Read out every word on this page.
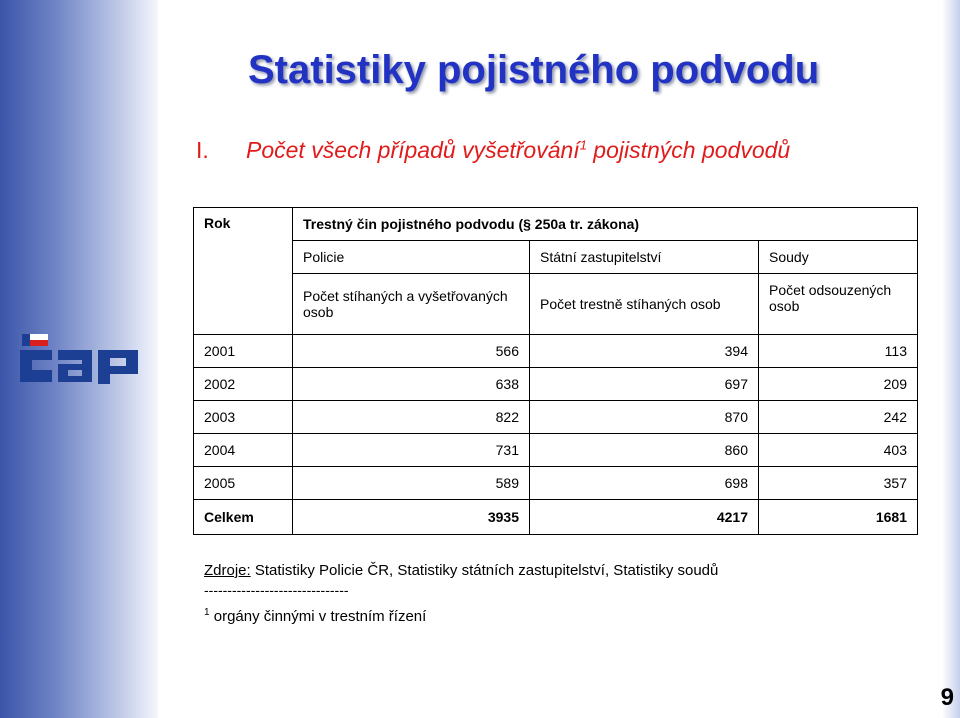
Statistiky pojistného podvodu
I. Počet všech případů vyšetřování$^1$ pojistných podvodů
Rok	Trestný čin pojistného podvodu (§ 250a tr. zákona)		
	Policie	Státní zastupitelství	Soudy
	Počet stíhaných a vyšetřovaných osob	Počet trestně stíhaných osob	Počet odsouzených osob
2001	566	394	113
2002	638	697	209
2003	822	870	242
2004	731	860	403
2005	589	698	357
Celkem	3935	4217	1681
Zdroje: Statistiky Policie ČR, Statistiky státních zastupitelství, Statistiky soudů
-------------------------------
$^1$ orgány činnými v trestním řízení
9
